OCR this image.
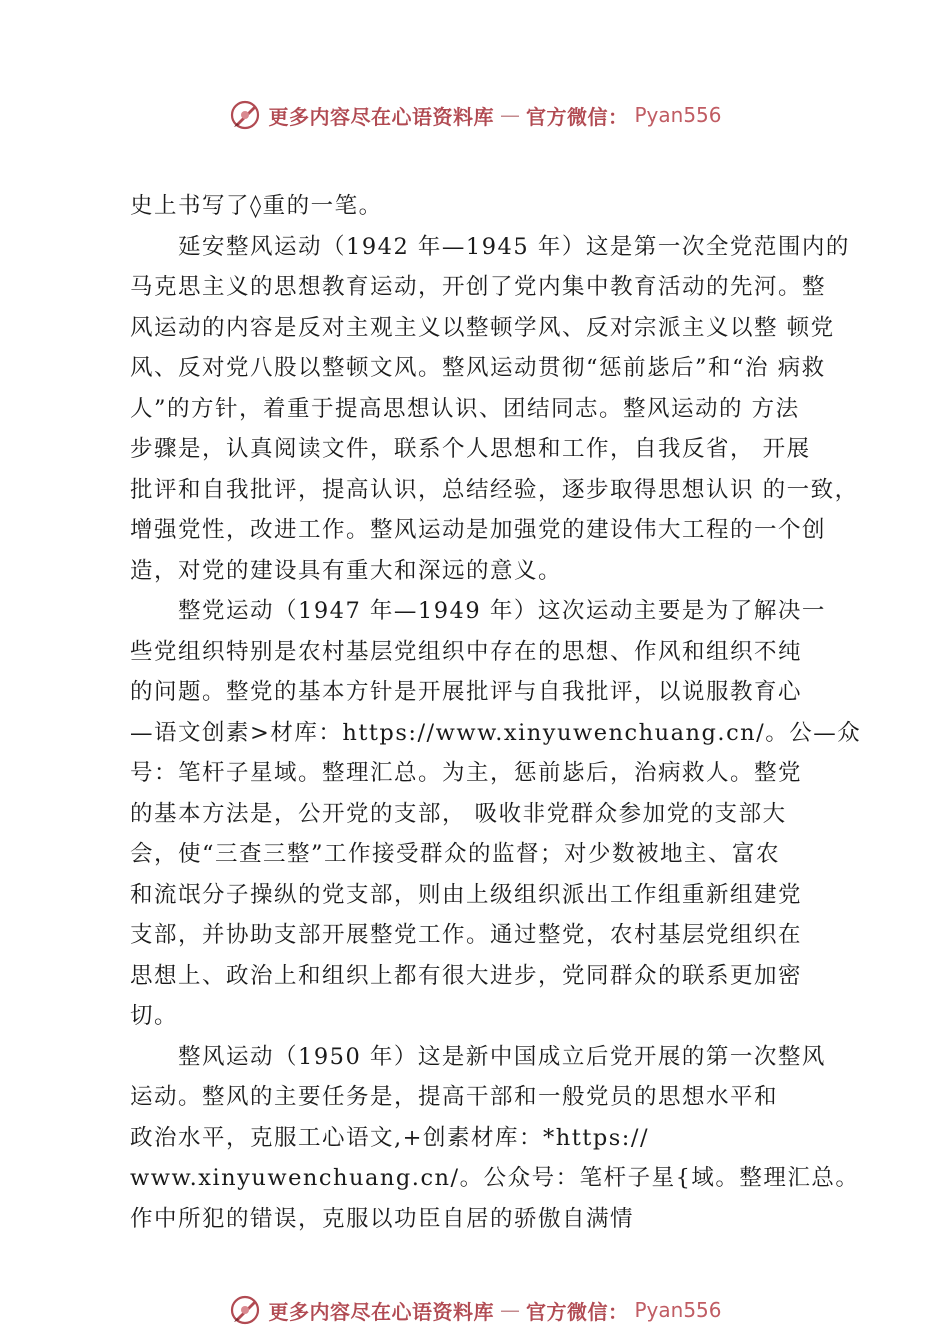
更多内容尽在心语资料库 — 官方微信： Pyan556
史上书写了◊重的一笔。
延安整风运动（1942 年—1945 年）这是第一次全党范围内的
马克思主义的思想教育运动，开创了党内集中教育活动的先河。整
风运动的内容是反对主观主义以整顿学风、反对宗派主义以整 顿党
风、反对党八股以整顿文风。整风运动贯彻“惩前毖后”和“治 病救
人”的方针，着重于提高思想认识、团结同志。整风运动的 方法
步骤是，认真阅读文件，联系个人思想和工作，自我反省， 开展
批评和自我批评，提高认识，总结经验，逐步取得思想认识 的一致，
增强党性，改进工作。整风运动是加强党的建设伟大工程的一个创
造，对党的建设具有重大和深远的意义。
整党运动（1947 年—1949 年）这次运动主要是为了解决一
些党组织特别是农村基层党组织中存在的思想、作风和组织不纯
的问题。整党的基本方针是开展批评与自我批评，以说服教育心
—语文创素>材库：https://www.xinyuwenchuang.cn/。公—众
号：笔杆子星域。整理汇总。为主，惩前毖后，治病救人。整党
的基本方法是，公开党的支部， 吸收非党群众参加党的支部大
会，使“三查三整”工作接受群众的监督；对少数被地主、富农
和流氓分子操纵的党支部，则由上级组织派出工作组重新组建党
支部，并协助支部开展整党工作。通过整党，农村基层党组织在
思想上、政治上和组织上都有很大进步，党同群众的联系更加密
切。
整风运动（1950 年）这是新中国成立后党开展的第一次整风
运动。整风的主要任务是，提高干部和一般党员的思想水平和
政治水平，克服工心语文,+创素材库：*https://
www.xinyuwenchuang.cn/。公众号：笔杆子星{域。整理汇总。
作中所犯的错误，克服以功臣自居的骄傲自满情
更多内容尽在心语资料库 — 官方微信： Pyan556
